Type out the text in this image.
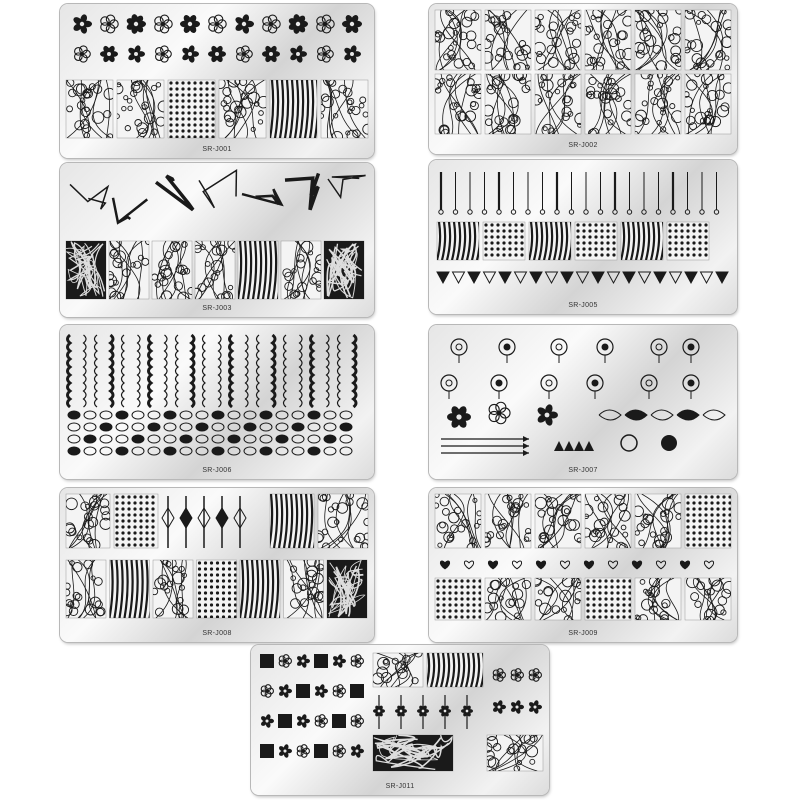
SR-J001
SR-J002
SR-J003	SR-J005
SR-J006	SR-J007
SR-J008	SR-J009
SR-J011
